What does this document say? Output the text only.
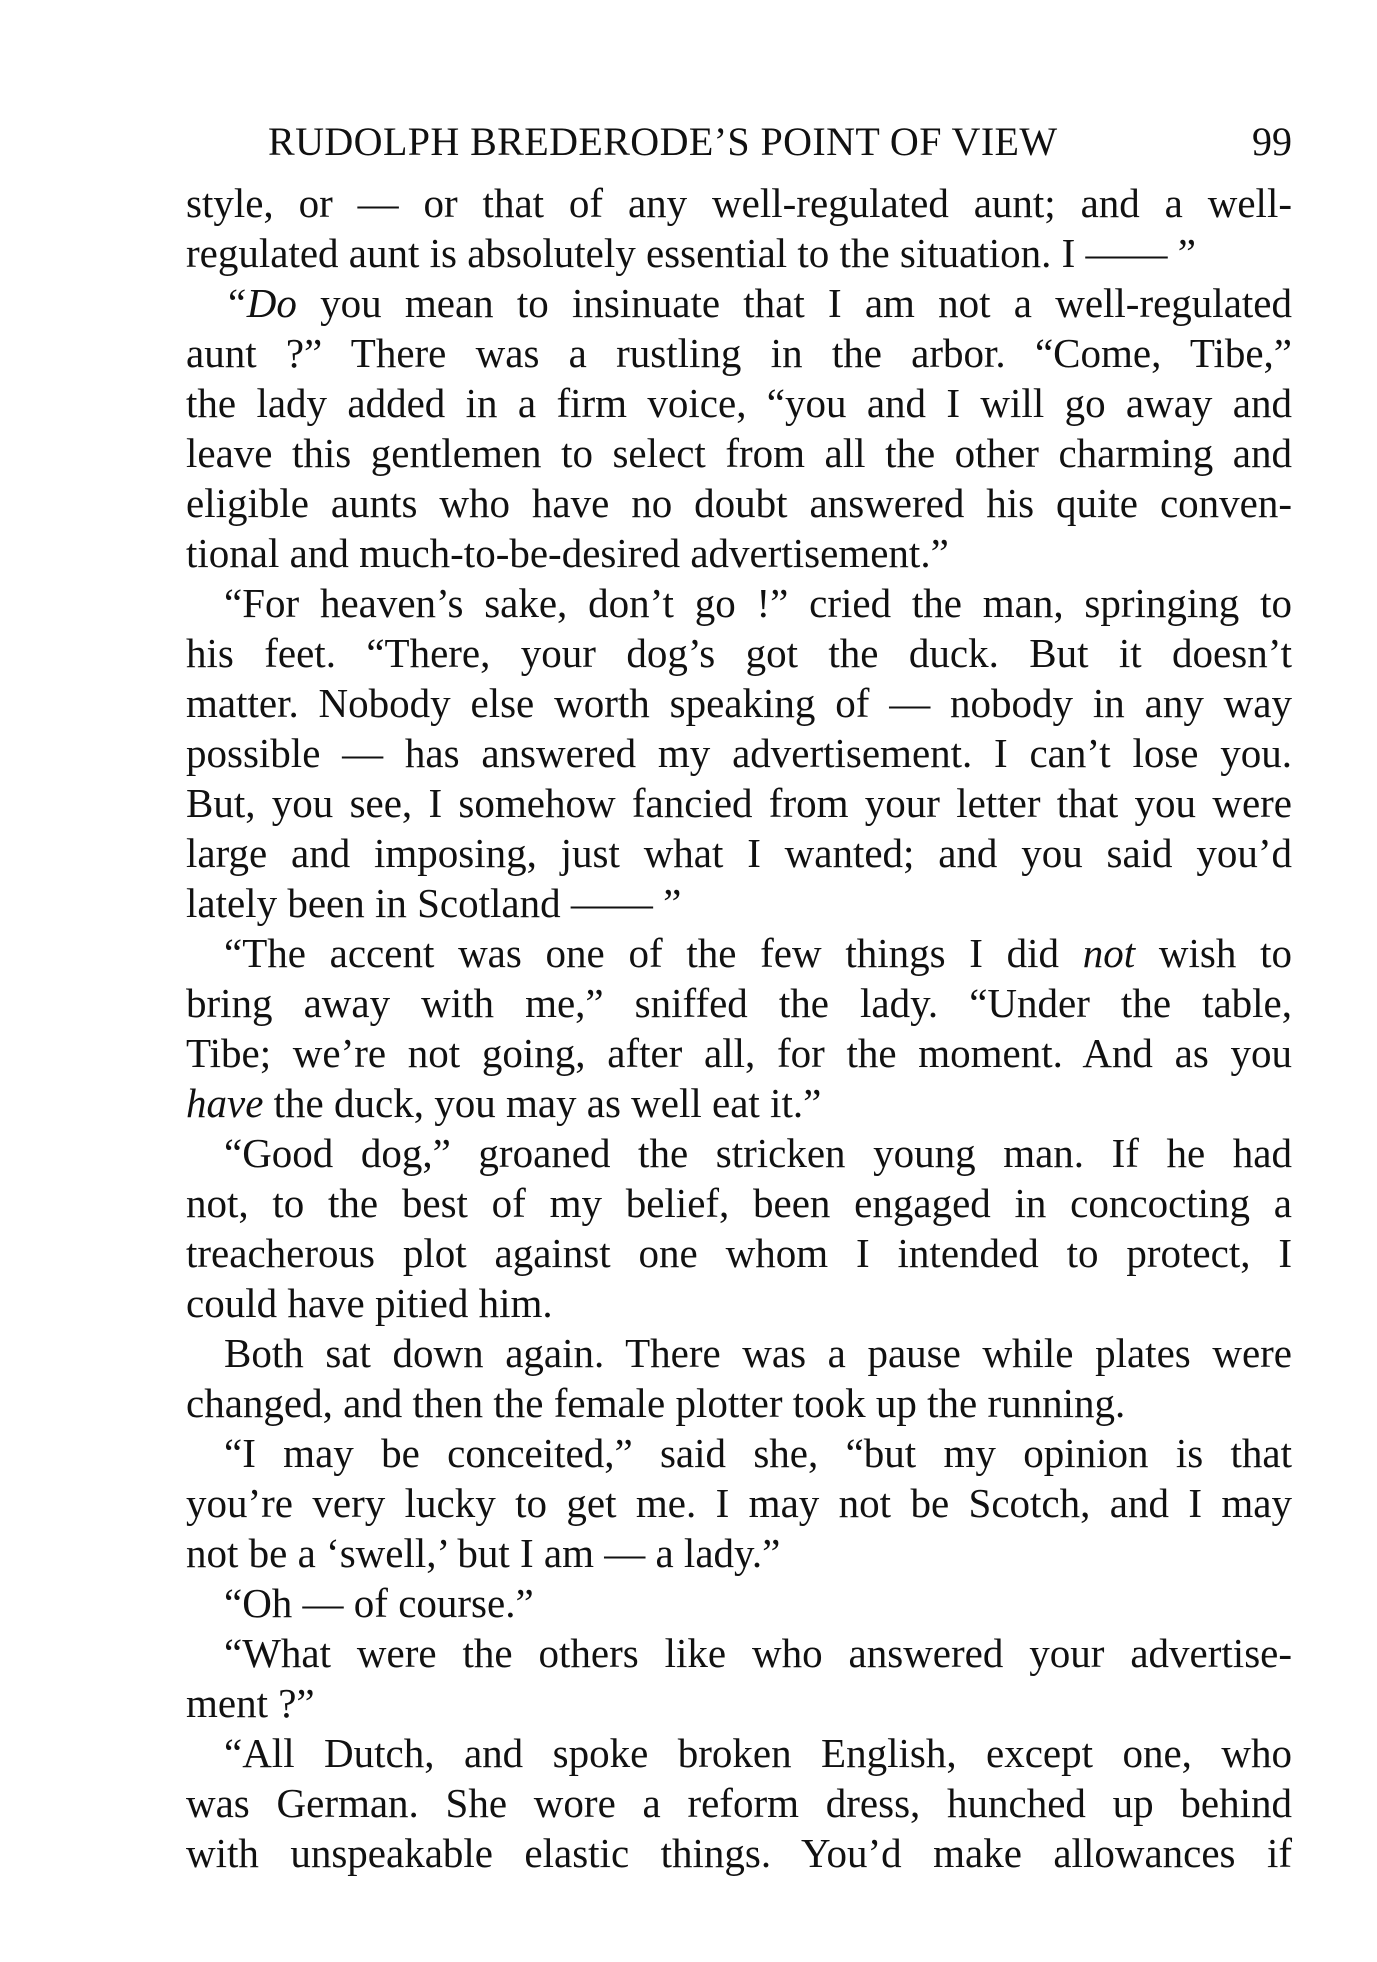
RUDOLPH BREDERODE’S POINT OF VIEW	99
style, or — or that of any well-regulated aunt; and a well-
regulated aunt is absolutely essential to the situation. I —— ”
“Do you mean to insinuate that I am not a well-regulated
aunt ?” There was a rustling in the arbor. “Come, Tibe,”
the lady added in a firm voice, “you and I will go away and
leave this gentlemen to select from all the other charming and
eligible aunts who have no doubt answered his quite conven-
tional and much-to-be-desired advertisement.”
“For heaven’s sake, don’t go !” cried the man, springing to
his feet. “There, your dog’s got the duck. But it doesn’t
matter. Nobody else worth speaking of — nobody in any way
possible — has answered my advertisement. I can’t lose you.
But, you see, I somehow fancied from your letter that you were
large and imposing, just what I wanted; and you said you’d
lately been in Scotland —— ”
“The accent was one of the few things I did not wish to
bring away with me,” sniffed the lady. “Under the table,
Tibe; we’re not going, after all, for the moment. And as you
have the duck, you may as well eat it.”
“Good dog,” groaned the stricken young man. If he had
not, to the best of my belief, been engaged in concocting a
treacherous plot against one whom I intended to protect, I
could have pitied him.
Both sat down again. There was a pause while plates were
changed, and then the female plotter took up the running.
“I may be conceited,” said she, “but my opinion is that
you’re very lucky to get me. I may not be Scotch, and I may
not be a ‘swell,’ but I am — a lady.”
“Oh — of course.”
“What were the others like who answered your advertise-
ment ?”
“All Dutch, and spoke broken English, except one, who
was German. She wore a reform dress, hunched up behind
with unspeakable elastic things. You’d make allowances if
